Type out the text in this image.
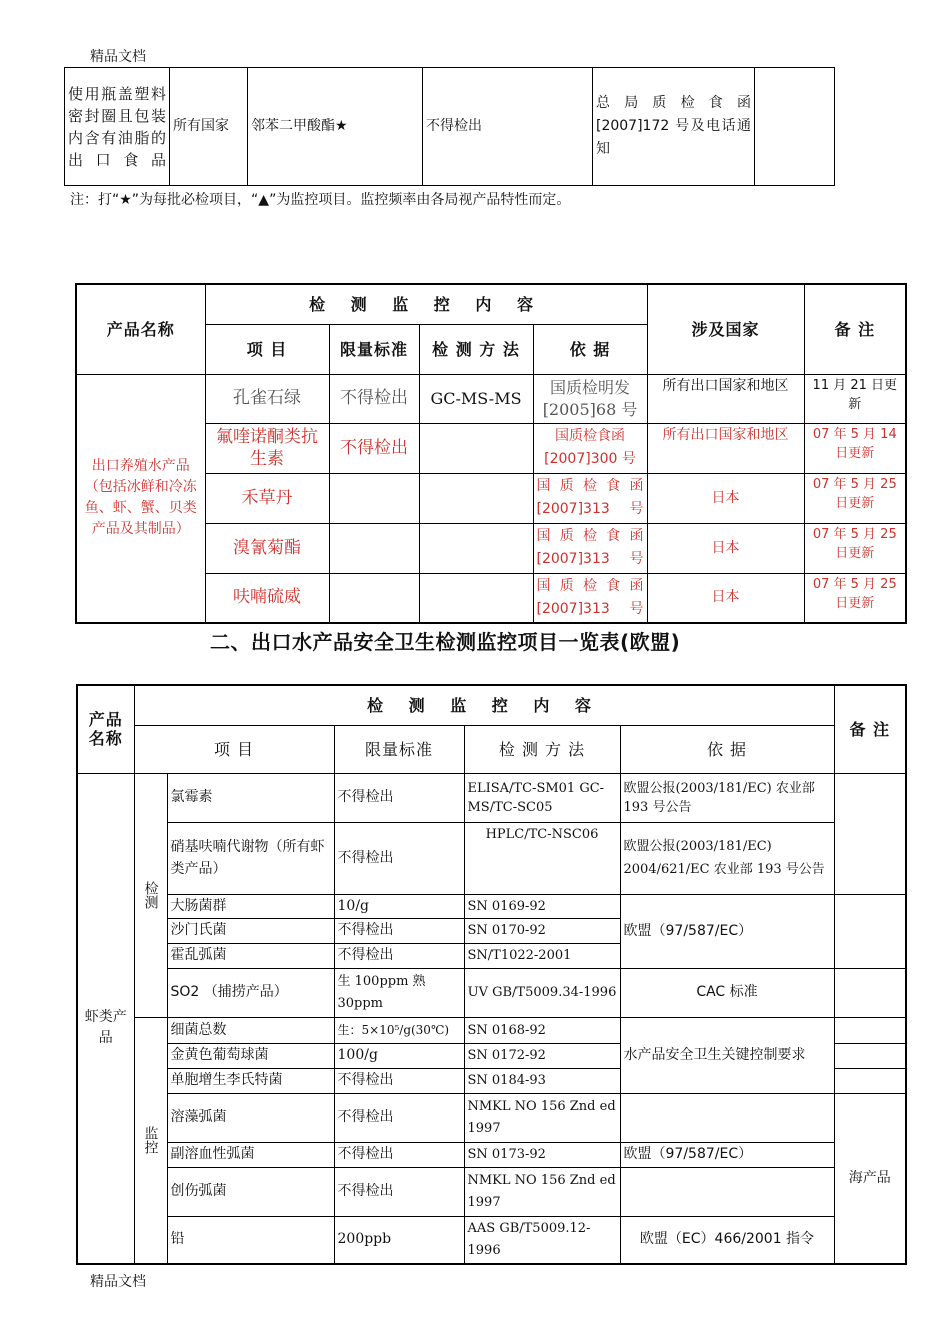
精品文档
使用瓶盖塑料密封圈且包装内含有油脂的出口食品	所有国家	邻苯二甲酸酯★	不得检出	总局质检食函[2007]172 号及电话通知	
注：打“★”为每批必检项目，“▲”为监控项目。监控频率由各局视产品特性而定。
产品名称	检 测 监 控 内 容				涉及国家	备 注
	项 目	限量标准	检 测 方 法	依 据		
出口养殖水产品（包括冰鲜和冷冻鱼、虾、蟹、贝类产品及其制品）	孔雀石绿	不得检出	GC-MS-MS	国质检明发[2005]68 号	所有出口国家和地区	11 月 21 日更新
	氟喹诺酮类抗生素	不得检出		国质检食函[2007]300 号	所有出口国家和地区	07 年 5 月 14 日更新
	禾草丹			国质检食函[2007]313 号	日本	07 年 5 月 25 日更新
	溴氰菊酯			国质检食函[2007]313 号	日本	07 年 5 月 25 日更新
	呋喃硫威			国质检食函[2007]313 号	日本	07 年 5 月 25 日更新
二、出口水产品安全卫生检测监控项目一览表(欧盟)
产品名称	检 测 监 控 内 容					备 注
	项 目		限量标准	检 测 方 法	依 据	
虾类产品	检测	氯霉素	不得检出	ELISA/TC-SM01 GC-MS/TC-SC05	欧盟公报(2003/181/EC) 农业部 193 号公告	
		硝基呋喃代谢物（所有虾类产品）	不得检出	HPLC/TC-NSC06	欧盟公报(2003/181/EC) 2004/621/EC 农业部 193 号公告	
		大肠菌群	10/g	SN 0169-92	欧盟（97/587/EC）	
		沙门氏菌	不得检出	SN 0170-92		
		霍乱弧菌	不得检出	SN/T1022-2001		
		SO2 （捕捞产品）	生 100ppm 熟 30ppm	UV GB/T5009.34-1996	CAC 标准	
	监控	细菌总数	生：5×10⁵/g(30℃)	SN 0168-92	水产品安全卫生关键控制要求	
		金黄色葡萄球菌	100/g	SN 0172-92		
		单胞增生李氏特菌	不得检出	SN 0184-93		
		溶藻弧菌	不得检出	NMKL NO 156 Znd ed 1997		海产品
		副溶血性弧菌	不得检出	SN 0173-92	欧盟（97/587/EC）	
		创伤弧菌	不得检出	NMKL NO 156 Znd ed 1997		
		铅	200ppb	AAS GB/T5009.12-1996	欧盟（EC）466/2001 指令	
精品文档
